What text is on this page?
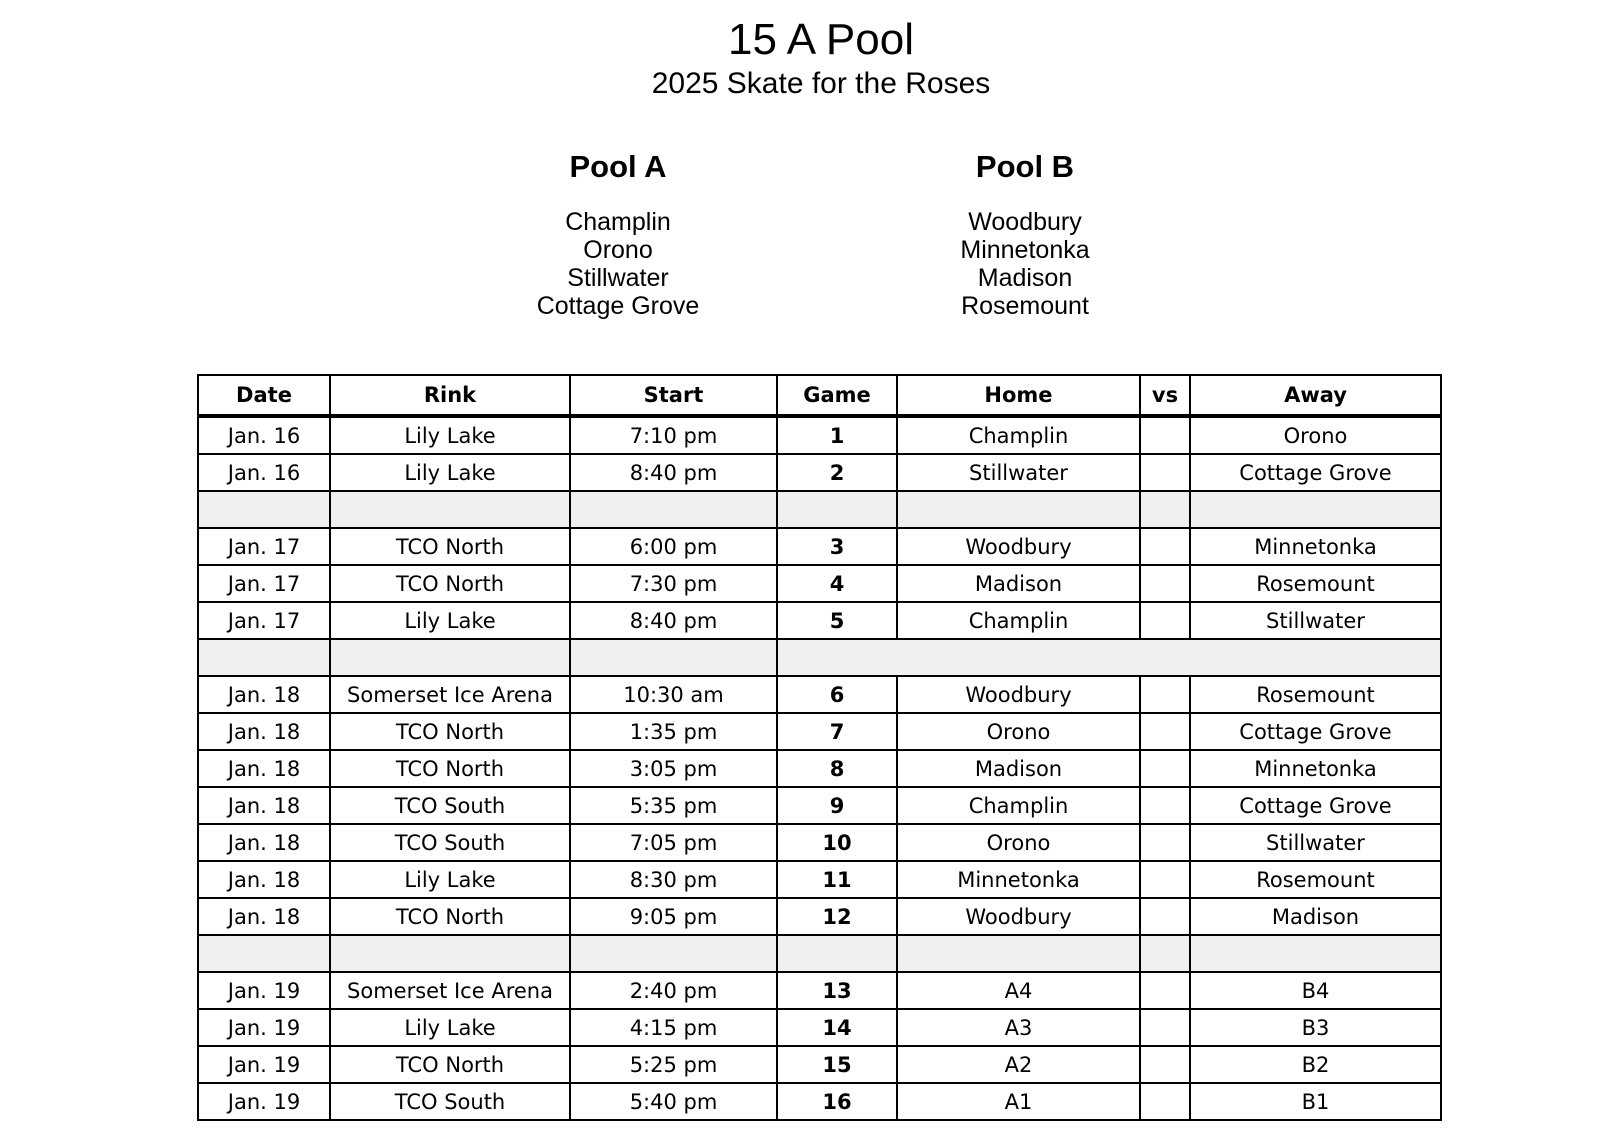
15 A Pool
2025 Skate for the Roses
Pool A
Champlin
Orono
Stillwater
Cottage Grove
Pool B
Woodbury
Minnetonka
Madison
Rosemount
Date	Rink	Start	Game	Home	vs	Away
Jan. 16	Lily Lake	7:10 pm	1	Champlin		Orono
Jan. 16	Lily Lake	8:40 pm	2	Stillwater		Cottage Grove

Jan. 17	TCO North	6:00 pm	3	Woodbury		Minnetonka
Jan. 17	TCO North	7:30 pm	4	Madison		Rosemount
Jan. 17	Lily Lake	8:40 pm	5	Champlin		Stillwater

Jan. 18	Somerset Ice Arena	10:30 am	6	Woodbury		Rosemount
Jan. 18	TCO North	1:35 pm	7	Orono		Cottage Grove
Jan. 18	TCO North	3:05 pm	8	Madison		Minnetonka
Jan. 18	TCO South	5:35 pm	9	Champlin		Cottage Grove
Jan. 18	TCO South	7:05 pm	10	Orono		Stillwater
Jan. 18	Lily Lake	8:30 pm	11	Minnetonka		Rosemount
Jan. 18	TCO North	9:05 pm	12	Woodbury		Madison

Jan. 19	Somerset Ice Arena	2:40 pm	13	A4		B4
Jan. 19	Lily Lake	4:15 pm	14	A3		B3
Jan. 19	TCO North	5:25 pm	15	A2		B2
Jan. 19	TCO South	5:40 pm	16	A1		B1
